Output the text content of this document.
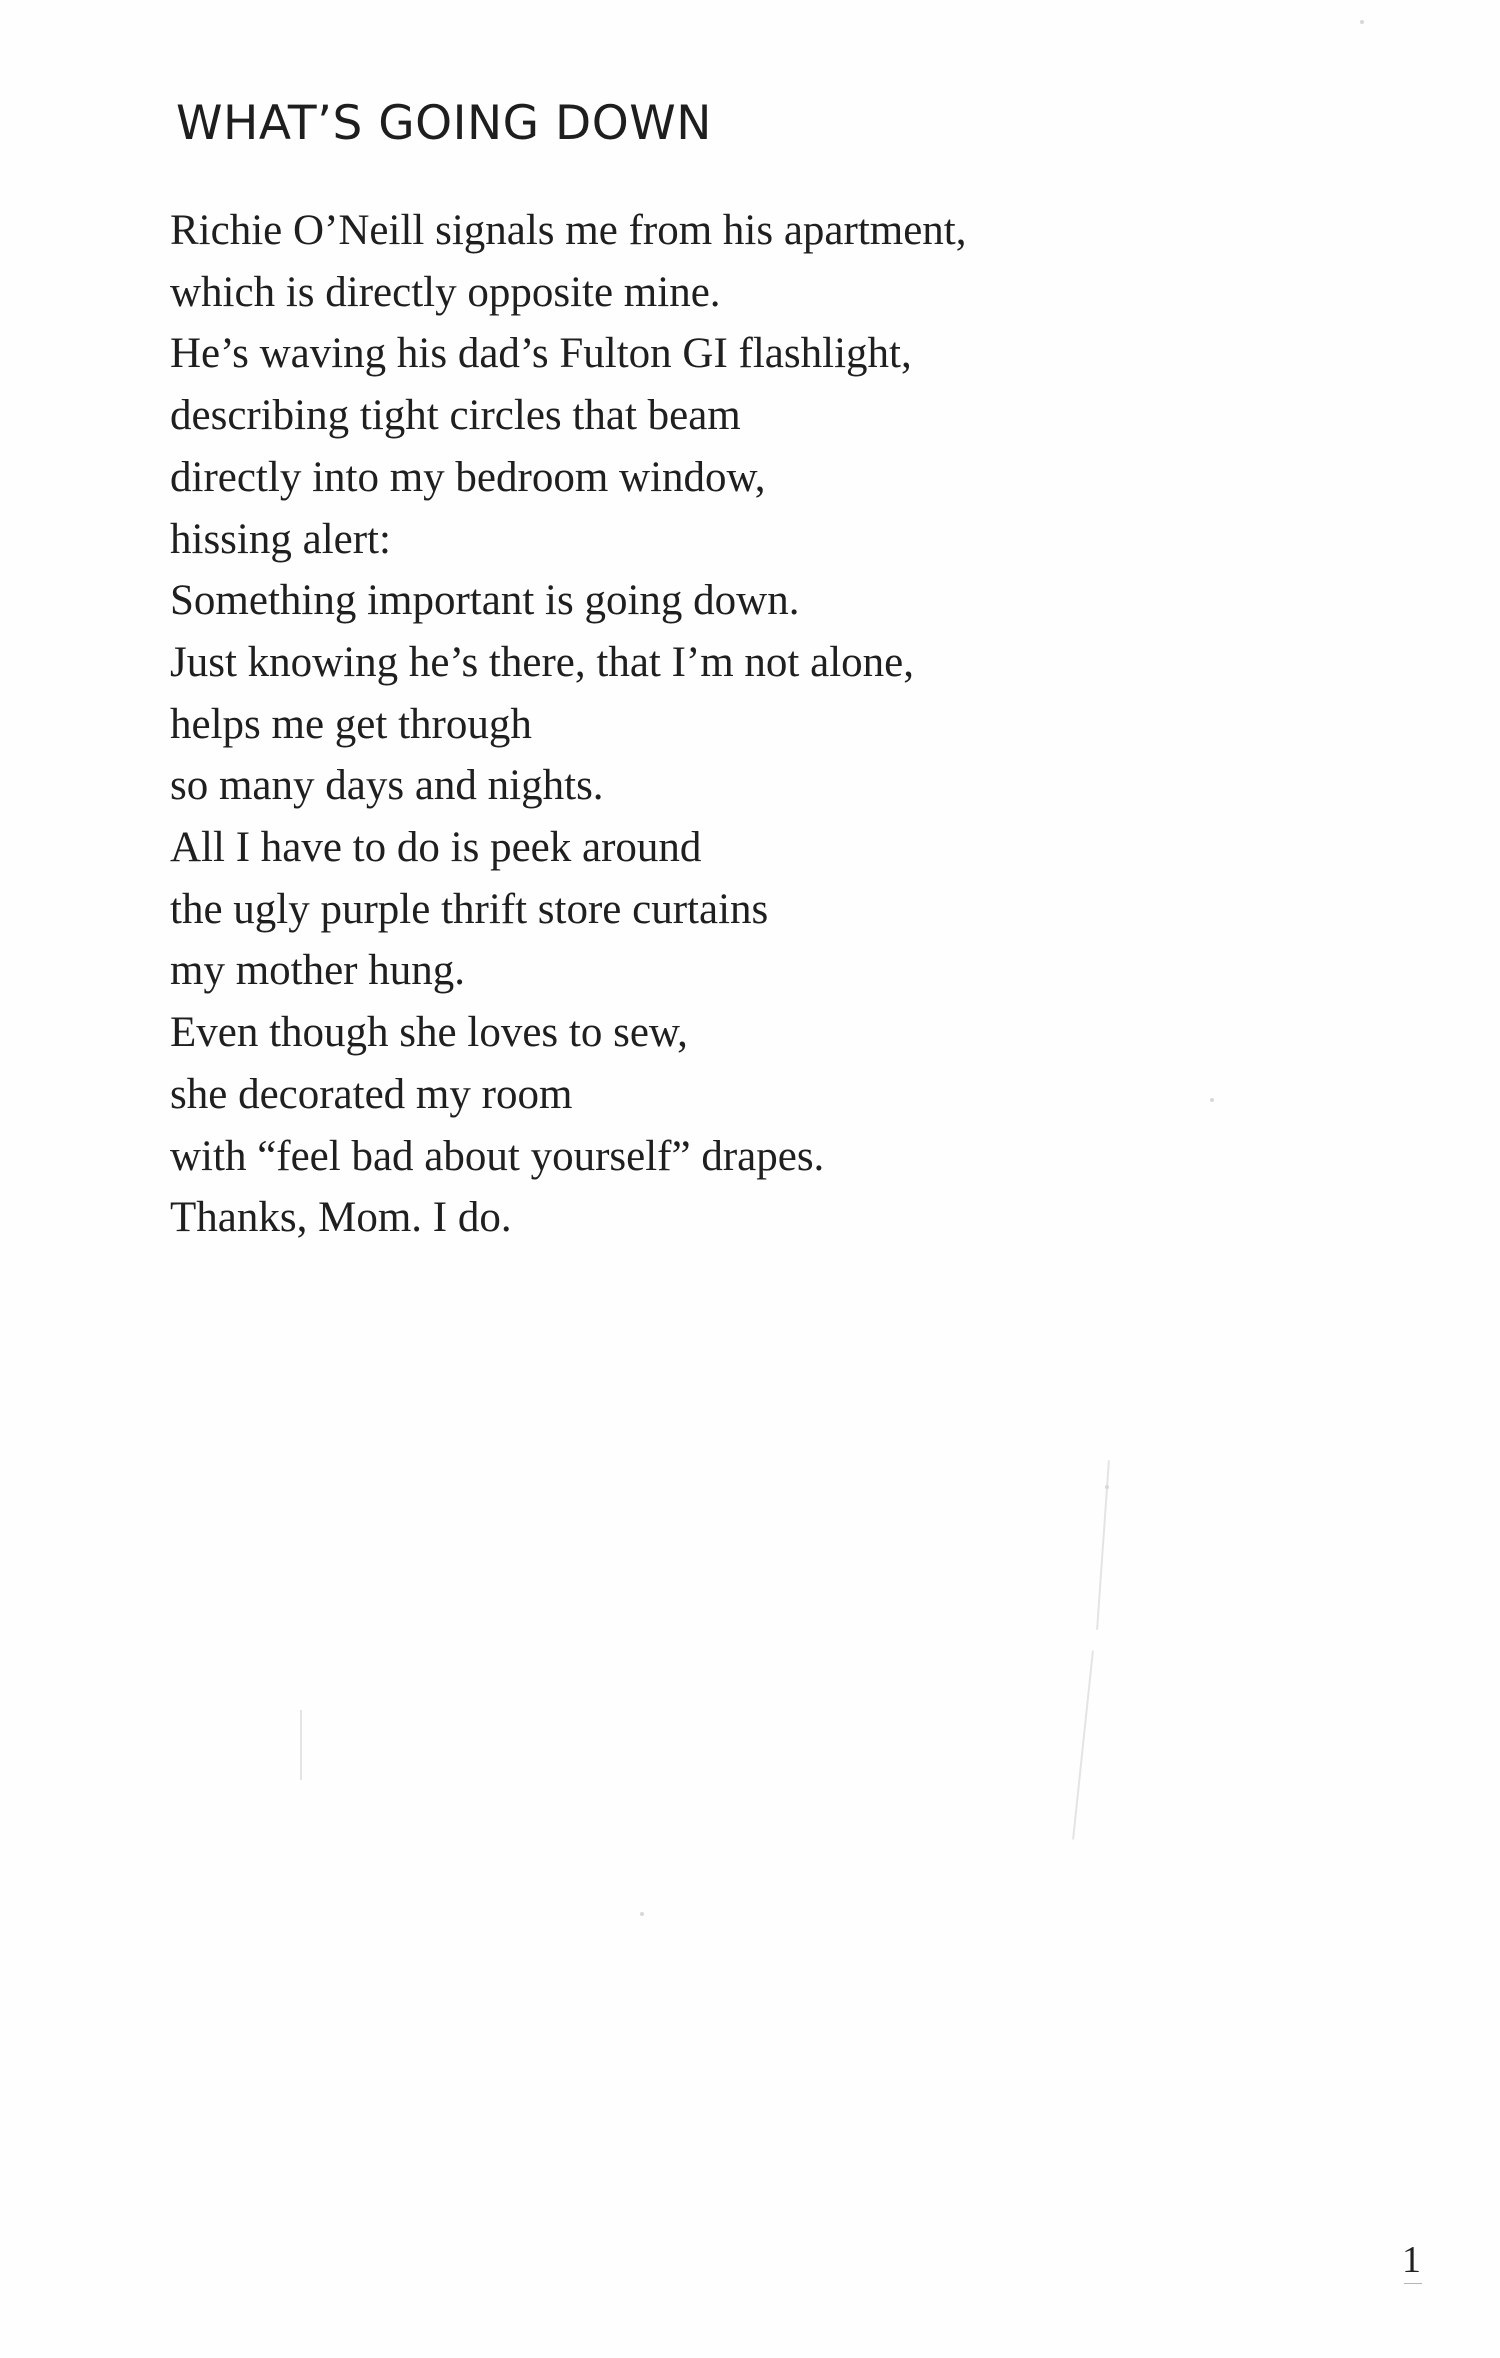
WHAT’S GOING DOWN
Richie O’Neill signals me from his apartment,
which is directly opposite mine.
He’s waving his dad’s Fulton GI flashlight,
describing tight circles that beam
directly into my bedroom window,
hissing alert:
Something important is going down.
Just knowing he’s there, that I’m not alone,
helps me get through
so many days and nights.
All I have to do is peek around
the ugly purple thrift store curtains
my mother hung.
Even though she loves to sew,
she decorated my room
with “feel bad about yourself” drapes.
Thanks, Mom. I do.
1
